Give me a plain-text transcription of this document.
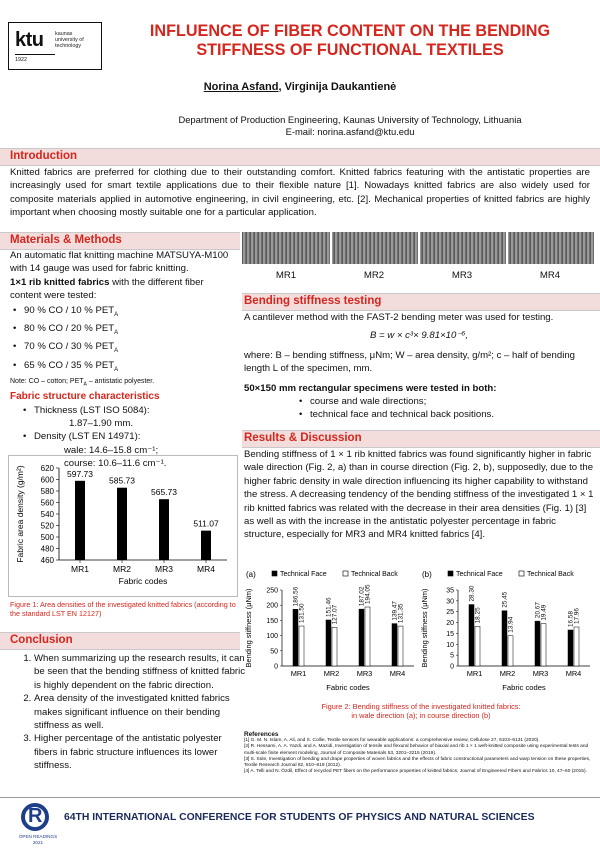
ktu kaunas
university of
technology
1922
INFLUENCE OF FIBER CONTENT ON THE BENDING
STIFFNESS OF FUNCTIONAL TEXTILES
Norina Asfand, Virginija Daukantienė
Department of Production Engineering, Kaunas University of Technology, Lithuania
E-mail: norina.asfand@ktu.edu
Introduction
Knitted fabrics are preferred for clothing due to their outstanding comfort. Knitted fabrics featuring with the antistatic properties are increasingly used for smart textile applications due to their flexible nature [1]. Nowadays knitted fabrics are also widely used for composite materials applied in automotive engineering, in civil engineering, etc. [2]. Mechanical properties of knitted fabrics are highly important when choosing mostly suitable one for a particular application.
Materials & Methods
An automatic flat knitting machine MATSUYA-M100 with 14 gauge was used for fabric knitting.
1×1 rib knitted fabrics with the different fiber content were tested:
• 90 % CO / 10 % $PET_A$
• 80 % CO / 20 % $PET_A$
• 70 % CO / 30 % $PET_A$
• 65 % CO / 35 % $PET_A$
Note: CO – cotton; $PET_A$ – antistatic polyester.
Fabric structure characteristics
• Thickness (LST ISO 5084):
1.87–1.90 mm.
• Density (LST EN 14971):
wale: 14.6–15.8 cm⁻¹;
course: 10.6–11.6 cm⁻¹.
460
480
500
520
540
560
580
600
620
597.73
MR1
585.73
MR2
565.73
MR3
511.07
MR4
Fabric codes
Fabric area density (g/m²)
Figure 1: Area densities of the investigated knitted fabrics (according to the standard LST EN 12127)
Conclusion
1. When summarizing up the research results, it can be seen that the bending stiffness of knitted fabric is highly dependent on the fabric direction.
2. Area density of the investigated knitted fabrics makes significant influence on their bending stiffness as well.
3. Higher percentage of the antistatic polyester fibers in fabric structure influences its lower stiffness.
MR1	MR2	MR3	MR4
Bending stiffness testing
A cantilever method with the FAST-2 bending meter was used for testing.
B = w × c³× 9.81×10⁻⁶,
where: B – bending stiffness, μNm; W – area density, g/m²; c – half of bending length L of the specimen, mm.
50×150 mm rectangular specimens were tested in both:
• course and wale directions;
• technical face and technical back positions.
Results & Discussion
Bending stiffness of 1 × 1 rib knitted fabrics was found significantly higher in fabric wale direction (Fig. 2, a) than in course direction (Fig. 2, b), supposedly, due to the higher fabric density in wale direction influencing its higher capability to withstand the stress. A decreasing tendency of the bending stiffness of the investigated 1 × 1 rib knitted fabrics was related with the decrease in their area densities (Fig. 1) [3] as well as with the increase in the antistatic polyester percentage in fabric structure, especially for MR3 and MR4 knitted fabrics [4].
(a)	Technical Face	Technical Back
0
50
100
150
200
250 186.56
131.50
MR1
151.46 127.07
MR2
187.02 194.05
MR3
139.47 131.35
MR4
Fabric codes
Bending stiffness (μNm)
(b)	Technical Face	Technical Back
0
5
10
15
20
25
30
35 28.30
18.25
MR1
25.45
13.94
MR2
20.67 19.49
MR3
16.58 17.96
MR4
Fabric codes
Bending stiffness (μNm)
Figure 2: Bending stiffness of the investigated knitted fabrics:
in wale direction (a); in course direction (b)
References
[1] G. M. N. Islam, A. Ali, and S. Collie, Textile sensors for wearable applications: a comprehensive review, Cellulose 27, 6103–6131 (2020).
[2] R. Hessami, A. A. Yazdi, and A. Mazidi, Investigation of tensile and flexural behavior of biaxial and rib 1 × 1 weft-knitted composite using experimental tests and multi-scale finite element modeling, Journal of Composite Materials 53, 3201–3215 (2019).
[3] S. Süle, Investigation of bending and drape properties of woven fabrics and the effects of fabric constructional parameters and warp tension on these properties, Textile Research Journal 82, 810–819 (2012).
[4] A. Telli and N. Özdil, Effect of recycled PET fibers on the performance properties of knitted fabrics, Journal of Engineered Fibers and Fabrics 10, 47–60 (2015).
R
OPEN READINGS
2021
64TH INTERNATIONAL CONFERENCE FOR STUDENTS OF PHYSICS AND NATURAL SCIENCES
